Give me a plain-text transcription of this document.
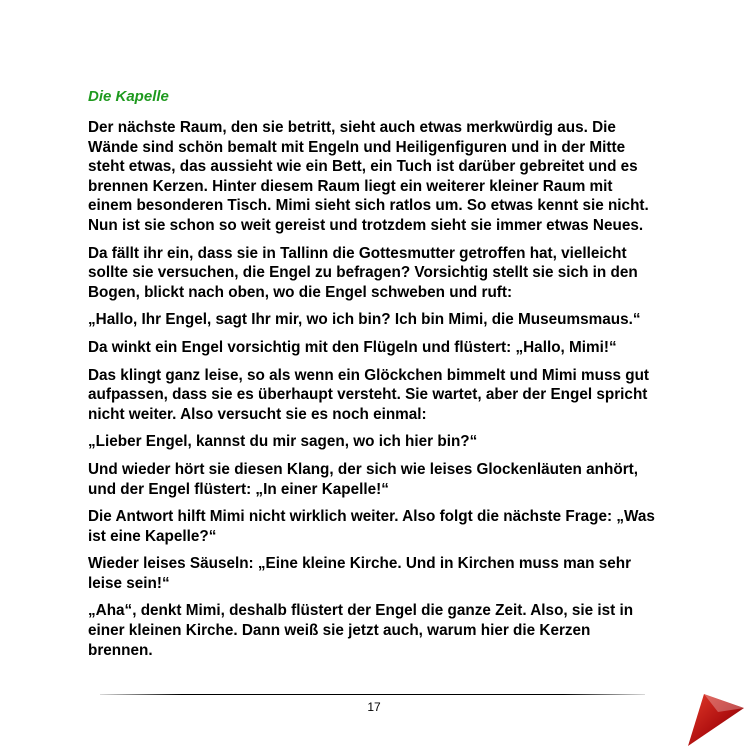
Die Kapelle

Der nächste Raum, den sie betritt, sieht auch etwas merkwürdig aus. Die
Wände sind schön bemalt mit Engeln und Heiligenfiguren und in der Mitte
steht etwas, das aussieht wie ein Bett, ein Tuch ist darüber gebreitet und es
brennen Kerzen. Hinter diesem Raum liegt ein weiterer kleiner Raum mit
einem besonderen Tisch. Mimi sieht sich ratlos um. So etwas kennt sie nicht.
Nun ist sie schon so weit gereist und trotzdem sieht sie immer etwas Neues.

Da fällt ihr ein, dass sie in Tallinn die Gottesmutter getroffen hat, vielleicht
sollte sie versuchen, die Engel zu befragen? Vorsichtig stellt sie sich in den
Bogen, blickt nach oben, wo die Engel schweben und ruft:

„Hallo, Ihr Engel, sagt Ihr mir, wo ich bin? Ich bin Mimi, die Museumsmaus.“

Da winkt ein Engel vorsichtig mit den Flügeln und flüstert: „Hallo, Mimi!“

Das klingt ganz leise, so als wenn ein Glöckchen bimmelt und Mimi muss gut
aufpassen, dass sie es überhaupt versteht. Sie wartet, aber der Engel spricht
nicht weiter. Also versucht sie es noch einmal:

„Lieber Engel, kannst du mir sagen, wo ich hier bin?“

Und wieder hört sie diesen Klang, der sich wie leises Glockenläuten anhört,
und der Engel flüstert: „In einer Kapelle!“

Die Antwort hilft Mimi nicht wirklich weiter. Also folgt die nächste Frage: „Was
ist eine Kapelle?“

Wieder leises Säuseln: „Eine kleine Kirche. Und in Kirchen muss man sehr
leise sein!“

„Aha“, denkt Mimi, deshalb flüstert der Engel die ganze Zeit. Also, sie ist in
einer kleinen Kirche. Dann weiß sie jetzt auch, warum hier die Kerzen
brennen.

17
